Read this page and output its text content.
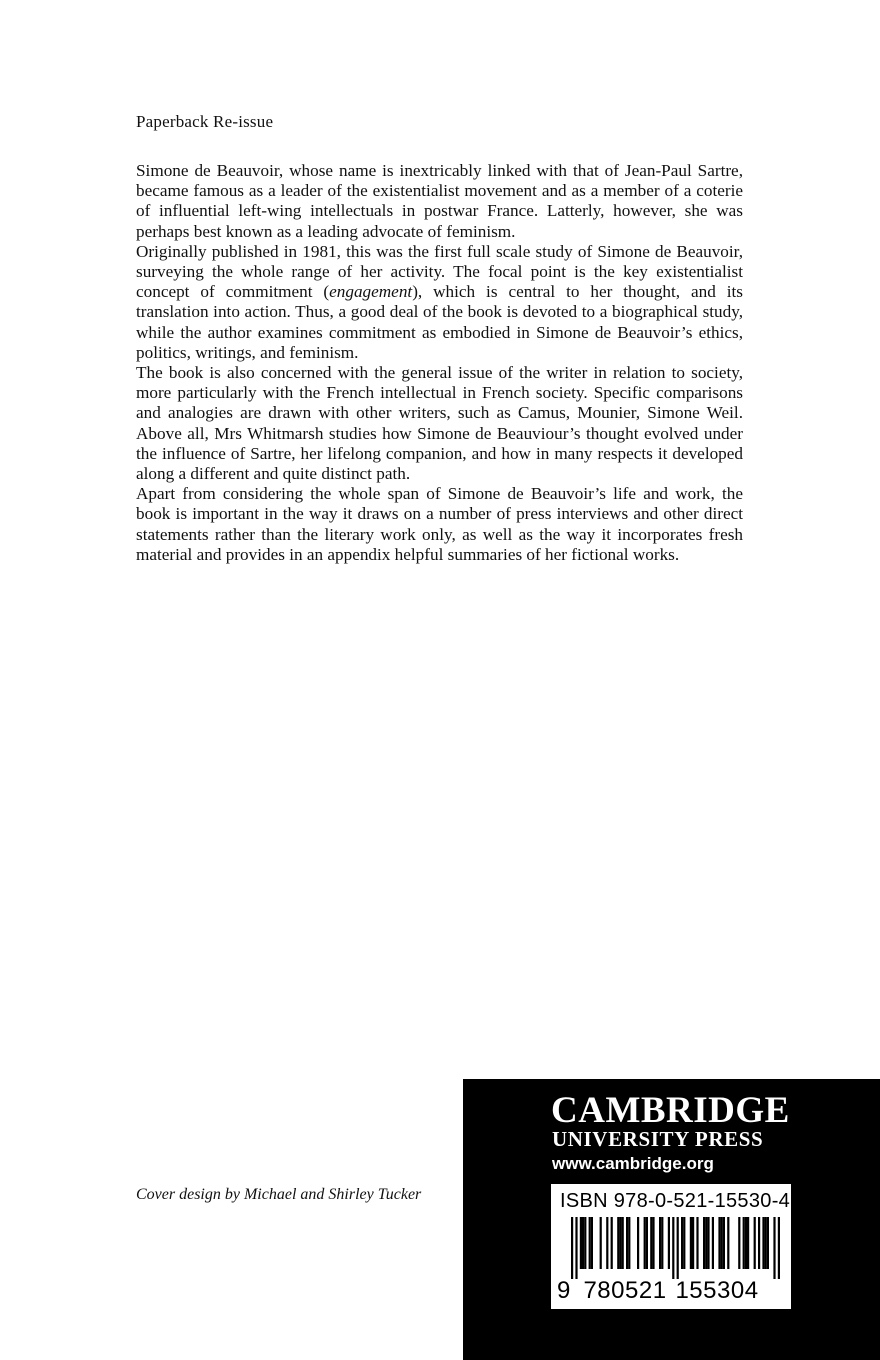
Paperback Re-issue

Simone de Beauvoir, whose name is inextricably linked with that of Jean-Paul Sartre, became famous as a leader of the existentialist movement and as a member of a coterie of influential left-wing intellectuals in postwar France. Latterly, however, she was perhaps best known as a leading advocate of feminism.

Originally published in 1981, this was the first full scale study of Simone de Beauvoir, surveying the whole range of her activity. The focal point is the key existentialist concept of commitment (engagement), which is central to her thought, and its translation into action. Thus, a good deal of the book is devoted to a biographical study, while the author examines commitment as embodied in Simone de Beauvoir’s ethics, politics, writings, and feminism.

The book is also concerned with the general issue of the writer in relation to society, more particularly with the French intellectual in French society. Specific comparisons and analogies are drawn with other writers, such as Camus, Mounier, Simone Weil. Above all, Mrs Whitmarsh studies how Simone de Beauviour’s thought evolved under the influence of Sartre, her lifelong companion, and how in many respects it developed along a different and quite distinct path.

Apart from considering the whole span of Simone de Beauvoir’s life and work, the book is important in the way it draws on a number of press interviews and other direct statements rather than the literary work only, as well as the way it incorporates fresh material and provides in an appendix helpful summaries of her fictional works.

Cover design by Michael and Shirley Tucker
CAMBRIDGE
UNIVERSITY PRESS
www.cambridge.org
ISBN 978-0-521-15530-4
9 780521 155304
